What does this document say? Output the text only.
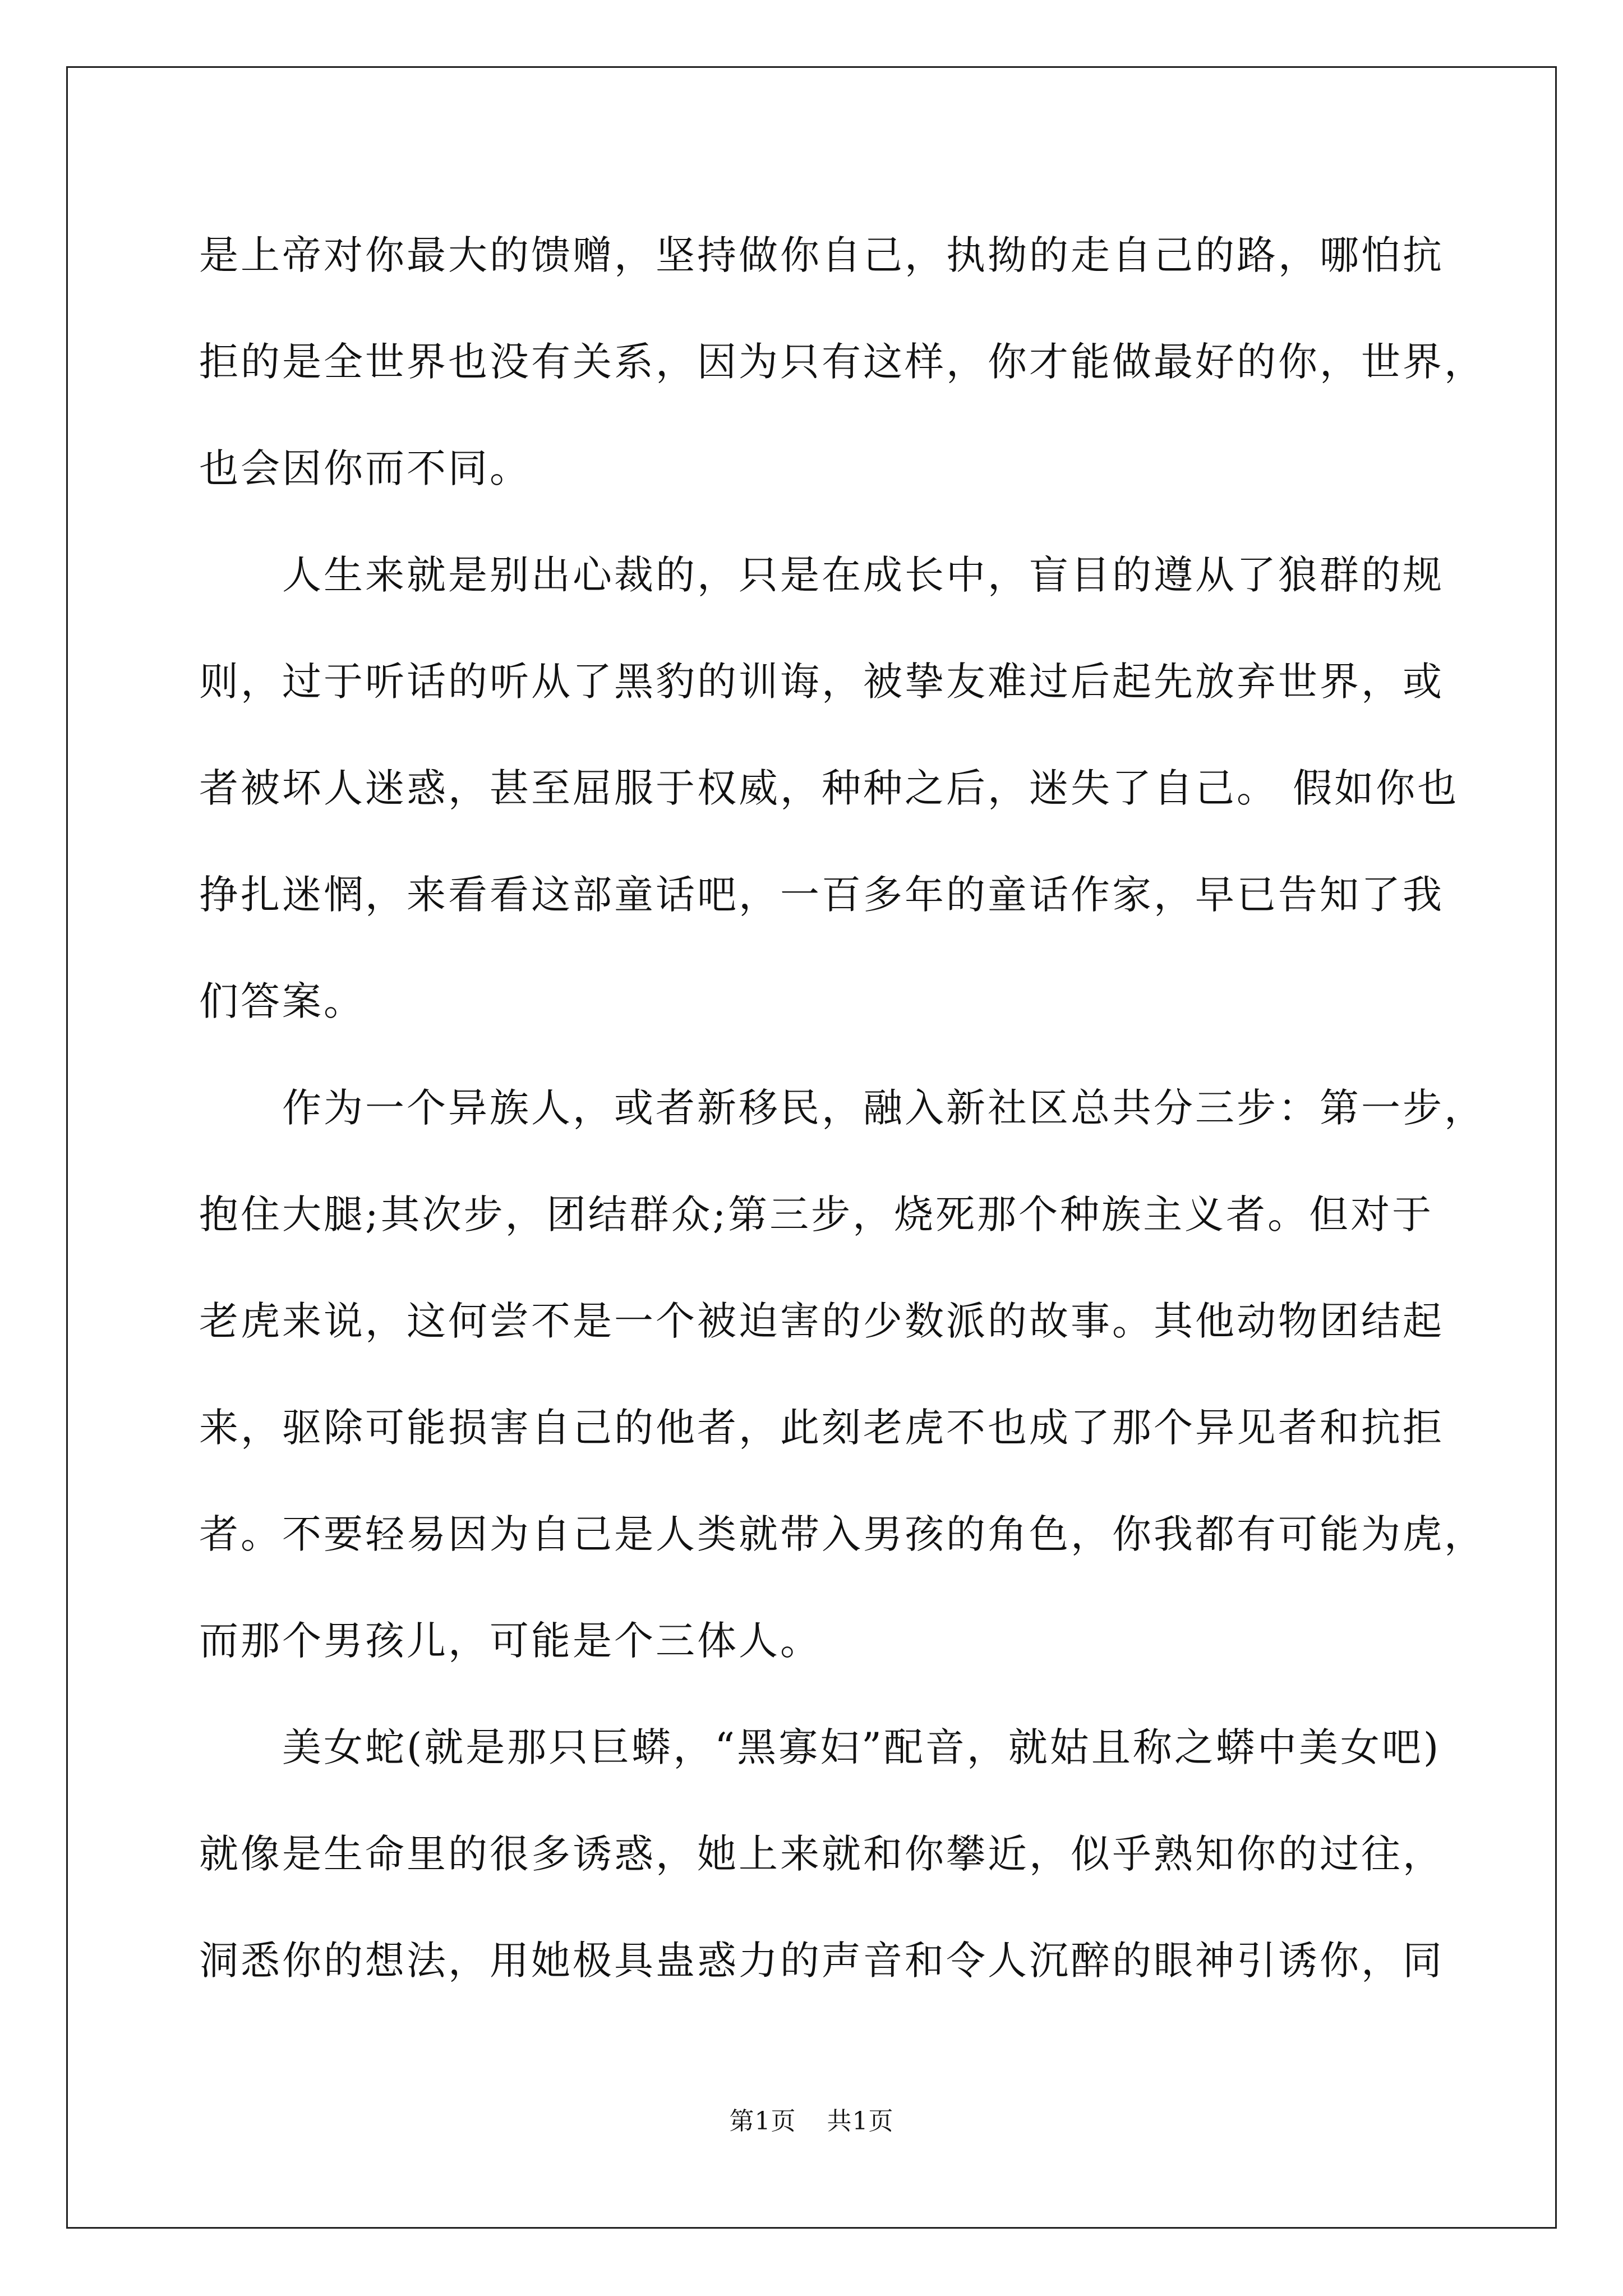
是上帝对你最大的馈赠，坚持做你自己，执拗的走自己的路，哪怕抗
拒的是全世界也没有关系，因为只有这样，你才能做最好的你，世界，
也会因你而不同。
人生来就是别出心裁的，只是在成长中，盲目的遵从了狼群的规
则，过于听话的听从了黑豹的训诲，被挚友难过后起先放弃世界，或
者被坏人迷惑，甚至屈服于权威，种种之后，迷失了自己。 假如你也
挣扎迷惘，来看看这部童话吧，一百多年的童话作家，早已告知了我
们答案。
作为一个异族人，或者新移民，融入新社区总共分三步：第一步，
抱住大腿;其次步，团结群众;第三步，烧死那个种族主义者。但对于
老虎来说，这何尝不是一个被迫害的少数派的故事。其他动物团结起
来，驱除可能损害自己的他者，此刻老虎不也成了那个异见者和抗拒
者。不要轻易因为自己是人类就带入男孩的角色，你我都有可能为虎，
而那个男孩儿，可能是个三体人。
美女蛇(就是那只巨蟒，“黑寡妇”配音，就姑且称之蟒中美女吧)
就像是生命里的很多诱惑，她上来就和你攀近，似乎熟知你的过往，
洞悉你的想法，用她极具蛊惑力的声音和令人沉醉的眼神引诱你，同
第1页 共1页
